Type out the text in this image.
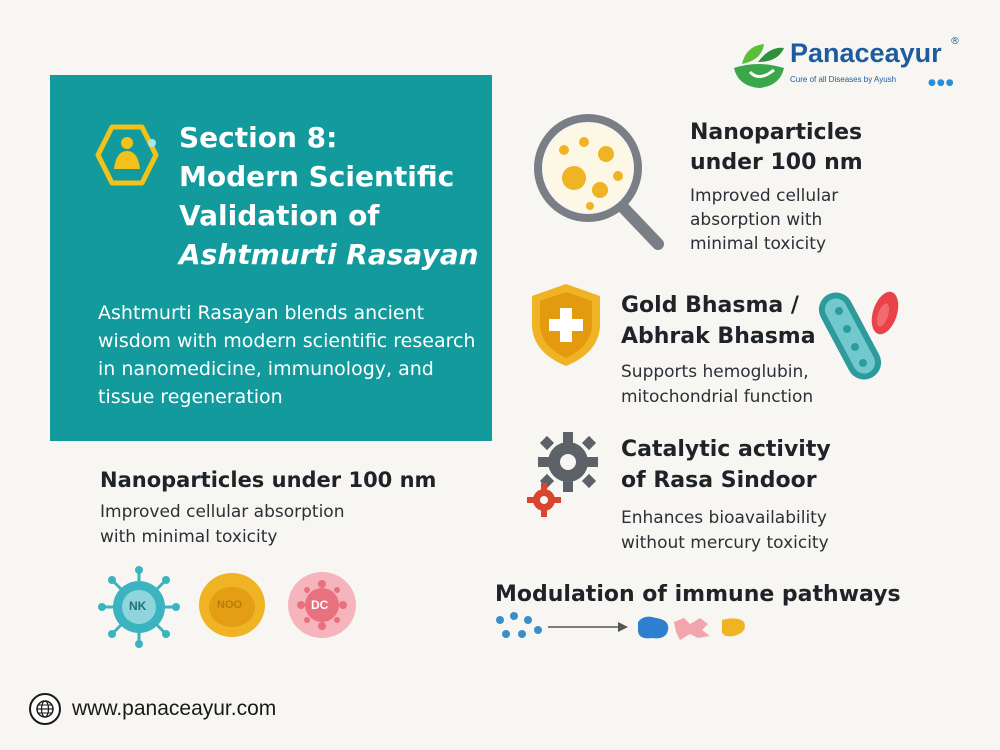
Panaceayur ®
Cure of all Diseases by Ayush	●●●
Section 8:
Modern Scientific
Validation of
Ashtmurti Rasayan
Ashtmurti Rasayan blends ancient wisdom with modern scientific research in nanomedicine, immunology, and tissue regeneration
Nanoparticles under 100 nm
Improved cellular absorption
with minimal toxicity
NK	NOO	DC
Nanoparticles
under 100 nm
Improved cellular
absorption with
minimal toxicity
Gold Bhasma /
Abhrak Bhasma
Supports hemoglubin,
mitochondrial function
Catalytic activity
of Rasa Sindoor
Enhances bioavailability
without mercury toxicity
Modulation of immune pathways
www.panaceayur.com
